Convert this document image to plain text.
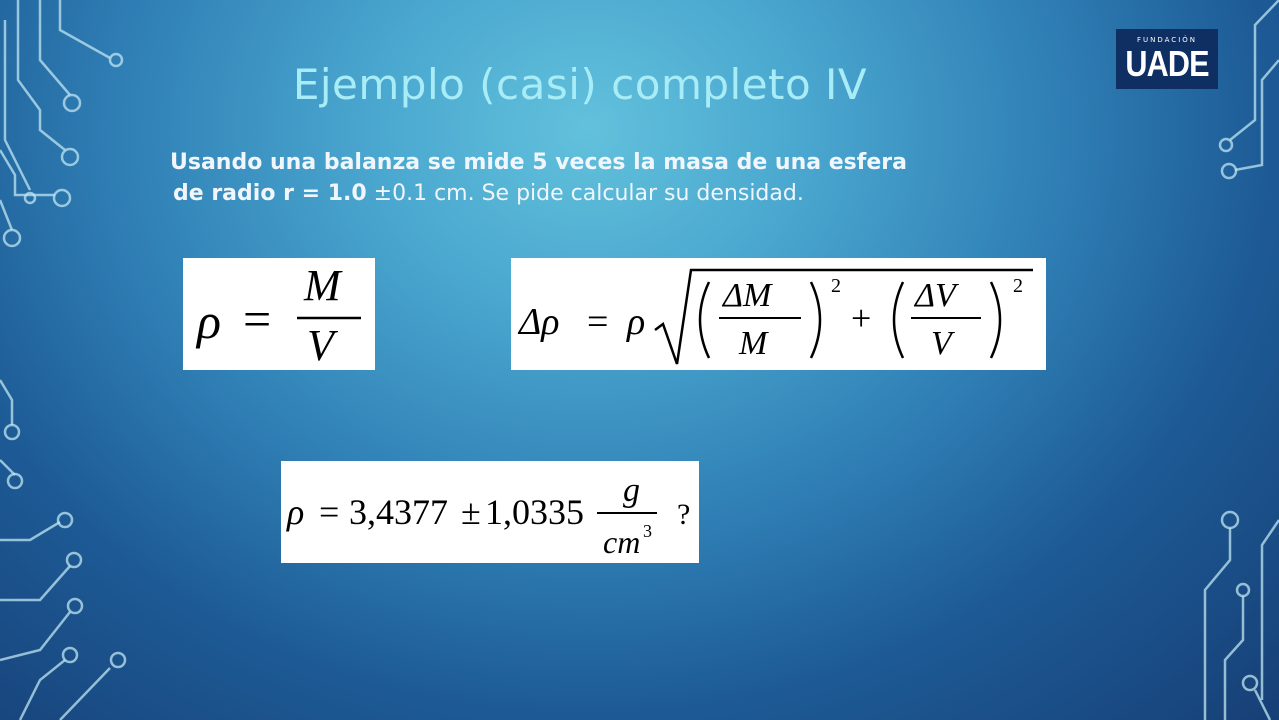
FUNDACIÓN
UADE
Ejemplo (casi) completo IV
Usando una balanza se mide 5 veces la masa de una esfera
de radio r = 1.0 ±0.1 cm. Se pide calcular su densidad.
ρ =
M
V	Δρ = ρ
ΔM
M
2
+
ΔV
V
2
ρ = 3,4377 ± 1,0335
g
cm 3 ?
